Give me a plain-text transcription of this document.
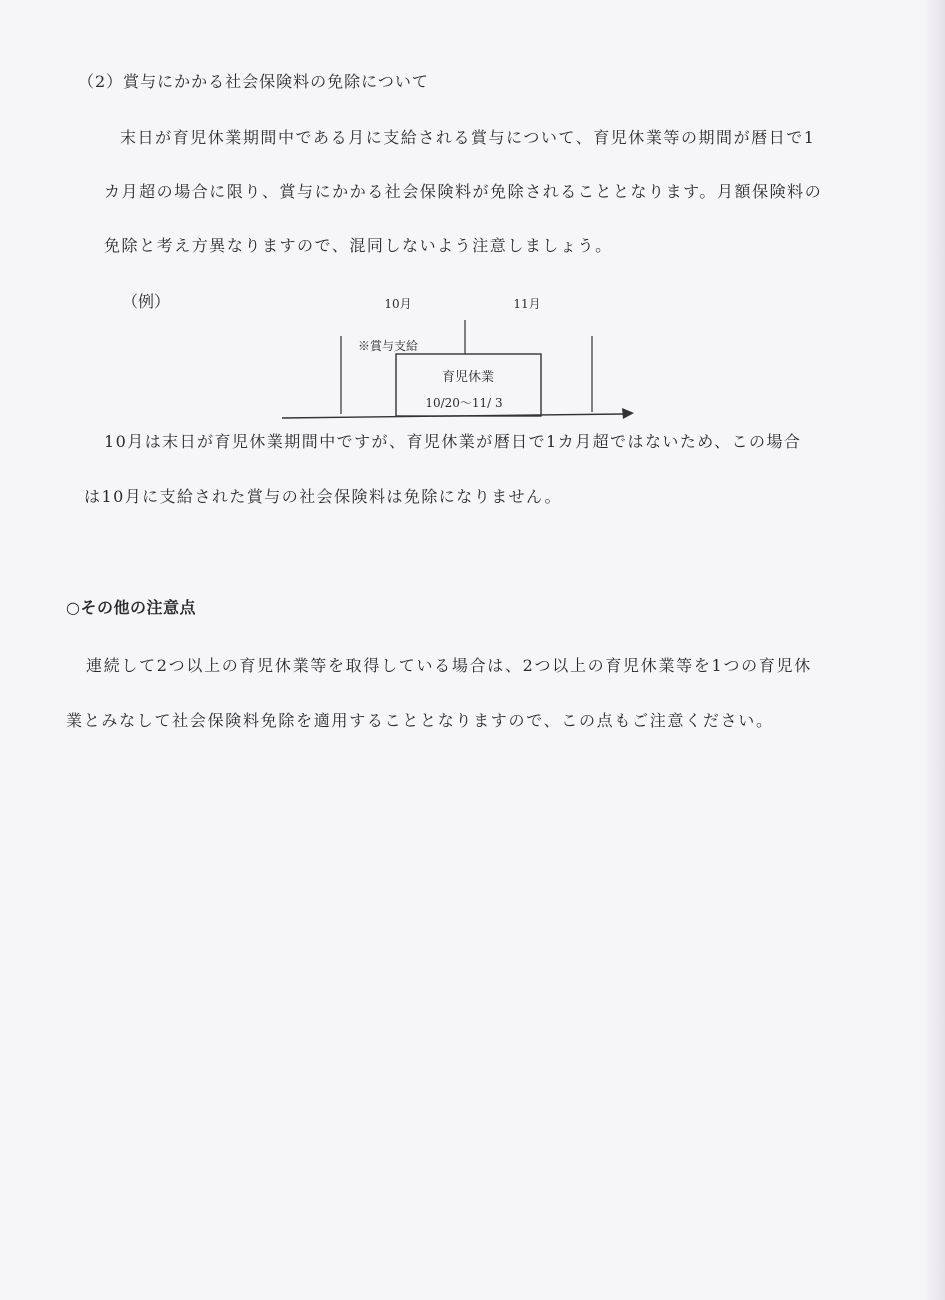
（2）賞与にかかる社会保険料の免除について
末日が育児休業期間中である月に支給される賞与について、育児休業等の期間が暦日で1
カ月超の場合に限り、賞与にかかる社会保険料が免除されることとなります。月額保険料の
免除と考え方異なりますので、混同しないよう注意しましょう。
（例）	10月	11月
※賞与支給
育児休業
10/20～11/ 3
10月は末日が育児休業期間中ですが、育児休業が暦日で1カ月超ではないため、この場合
は10月に支給された賞与の社会保険料は免除になりません。
○その他の注意点
連続して2つ以上の育児休業等を取得している場合は、2つ以上の育児休業等を1つの育児休
業とみなして社会保険料免除を適用することとなりますので、この点もご注意ください。
